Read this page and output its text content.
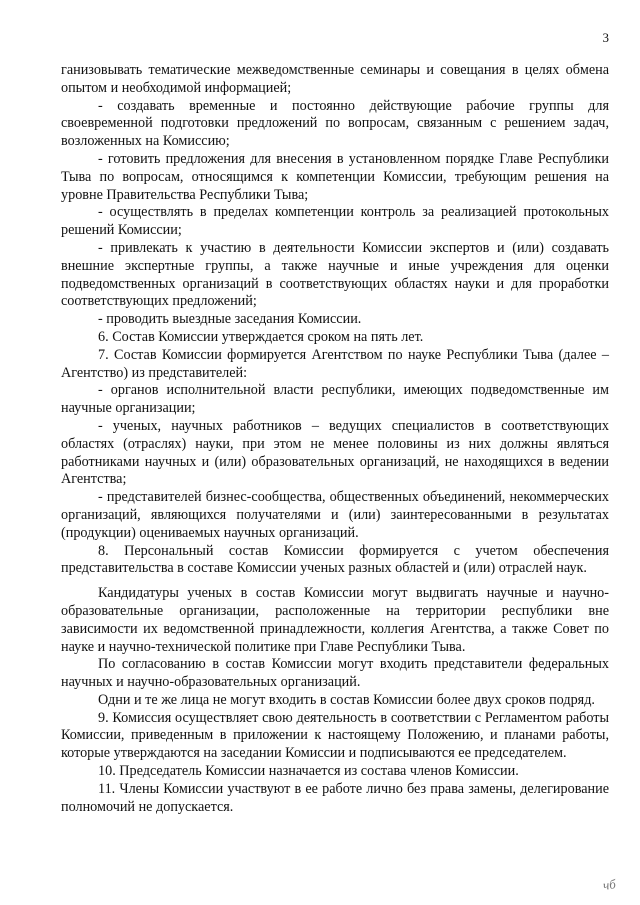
3

ганизовывать тематические межведомственные семинары и совещания в целях обмена опытом и необходимой информацией;

- создавать временные и постоянно действующие рабочие группы для своевременной подготовки предложений по вопросам, связанным с решением задач, возложенных на Комиссию;

- готовить предложения для внесения в установленном порядке Главе Республики Тыва по вопросам, относящимся к компетенции Комиссии, требующим решения на уровне Правительства Республики Тыва;

- осуществлять в пределах компетенции контроль за реализацией протокольных решений Комиссии;

- привлекать к участию в деятельности Комиссии экспертов и (или) создавать внешние экспертные группы, а также научные и иные учреждения для оценки подведомственных организаций в соответствующих областях науки и для проработки соответствующих предложений;

- проводить выездные заседания Комиссии.

6. Состав Комиссии утверждается сроком на пять лет.

7. Состав Комиссии формируется Агентством по науке Республики Тыва (далее – Агентство) из представителей:

- органов исполнительной власти республики, имеющих подведомственные им научные организации;

- ученых, научных работников – ведущих специалистов в соответствующих областях (отраслях) науки, при этом не менее половины из них должны являться работниками научных и (или) образовательных организаций, не находящихся в ведении Агентства;

- представителей бизнес-сообщества, общественных объединений, некоммерческих организаций, являющихся получателями и (или) заинтересованными в результатах (продукции) оцениваемых научных организаций.

8. Персональный состав Комиссии формируется с учетом обеспечения представительства в составе Комиссии ученых разных областей и (или) отраслей наук.

Кандидатуры ученых в состав Комиссии могут выдвигать научные и научно-образовательные организации, расположенные на территории республики вне зависимости их ведомственной принадлежности, коллегия Агентства, а также Совет по науке и научно-технической политике при Главе Республики Тыва.

По согласованию в состав Комиссии могут входить представители федеральных научных и научно-образовательных организаций.

Одни и те же лица не могут входить в состав Комиссии более двух сроков подряд.

9. Комиссия осуществляет свою деятельность в соответствии с Регламентом работы Комиссии, приведенным в приложении к настоящему Положению, и планами работы, которые утверждаются на заседании Комиссии и подписываются ее председателем.

10. Председатель Комиссии назначается из состава членов Комиссии.

11. Члены Комиссии участвуют в ее работе лично без права замены, делегирование полномочий не допускается.

чб
